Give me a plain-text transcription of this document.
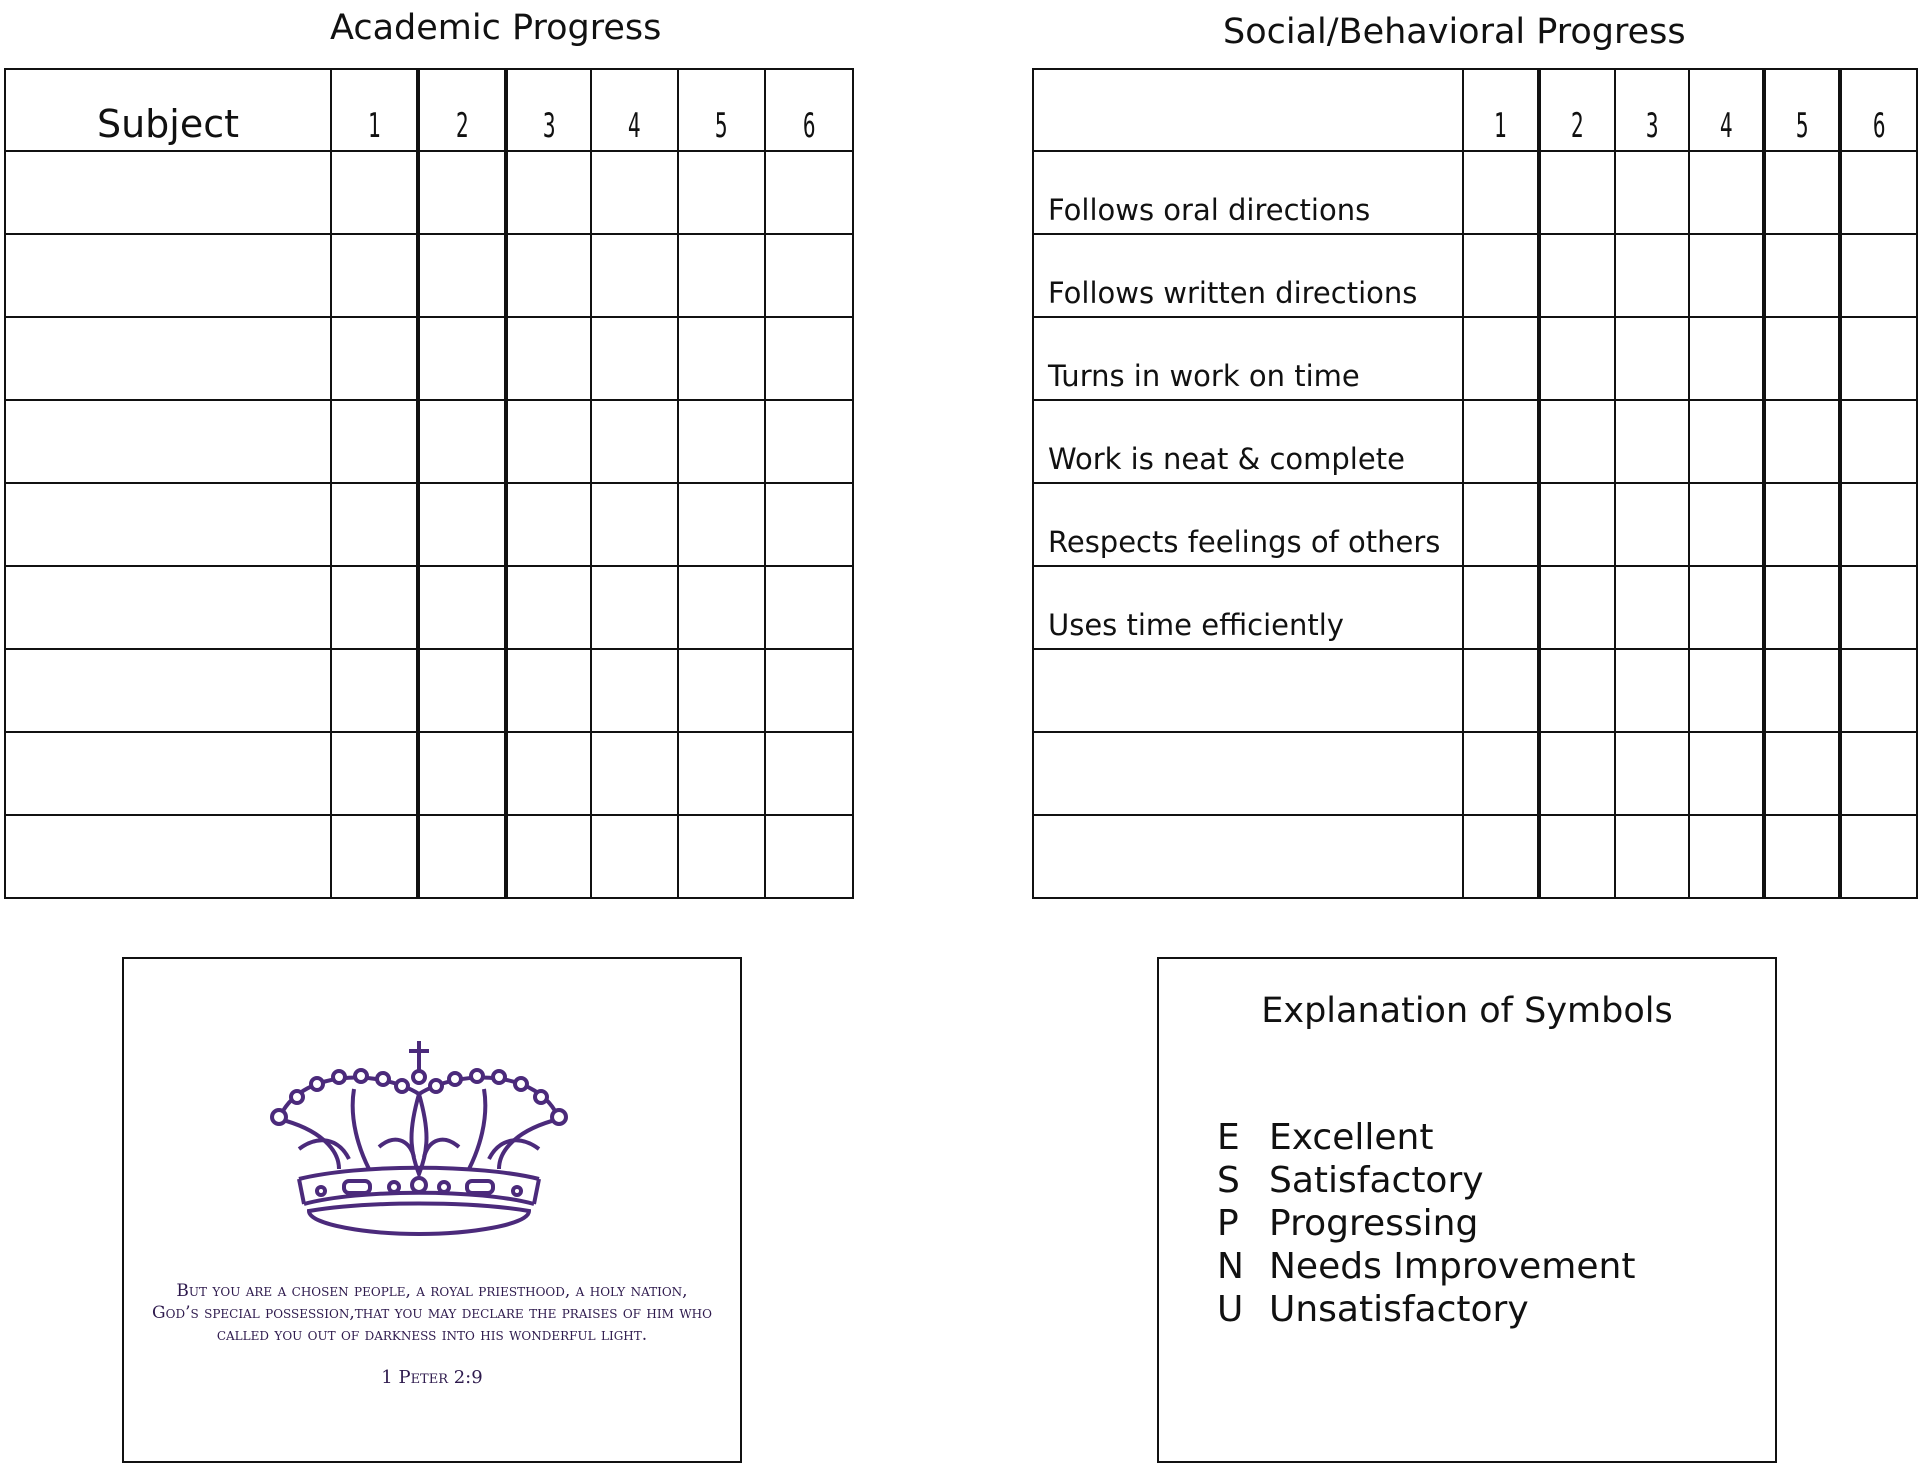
Academic Progress
Subject	1	2	3	4	5	6

Social/Behavioral Progress
	1	2	3	4	5	6
Follows oral directions						
Follows written directions						
Turns in work on time						
Work is neat & complete						
Respects feelings of others						
Uses time efficiently						

But you are a chosen people, a royal priesthood, a holy nation,
God’s special possession,that you may declare the praises of him who
called you out of darkness into his wonderful light.
1 Peter 2:9
Explanation of Symbols
E Excellent
S Satisfactory
P Progressing
N Needs Improvement
U Unsatisfactory
